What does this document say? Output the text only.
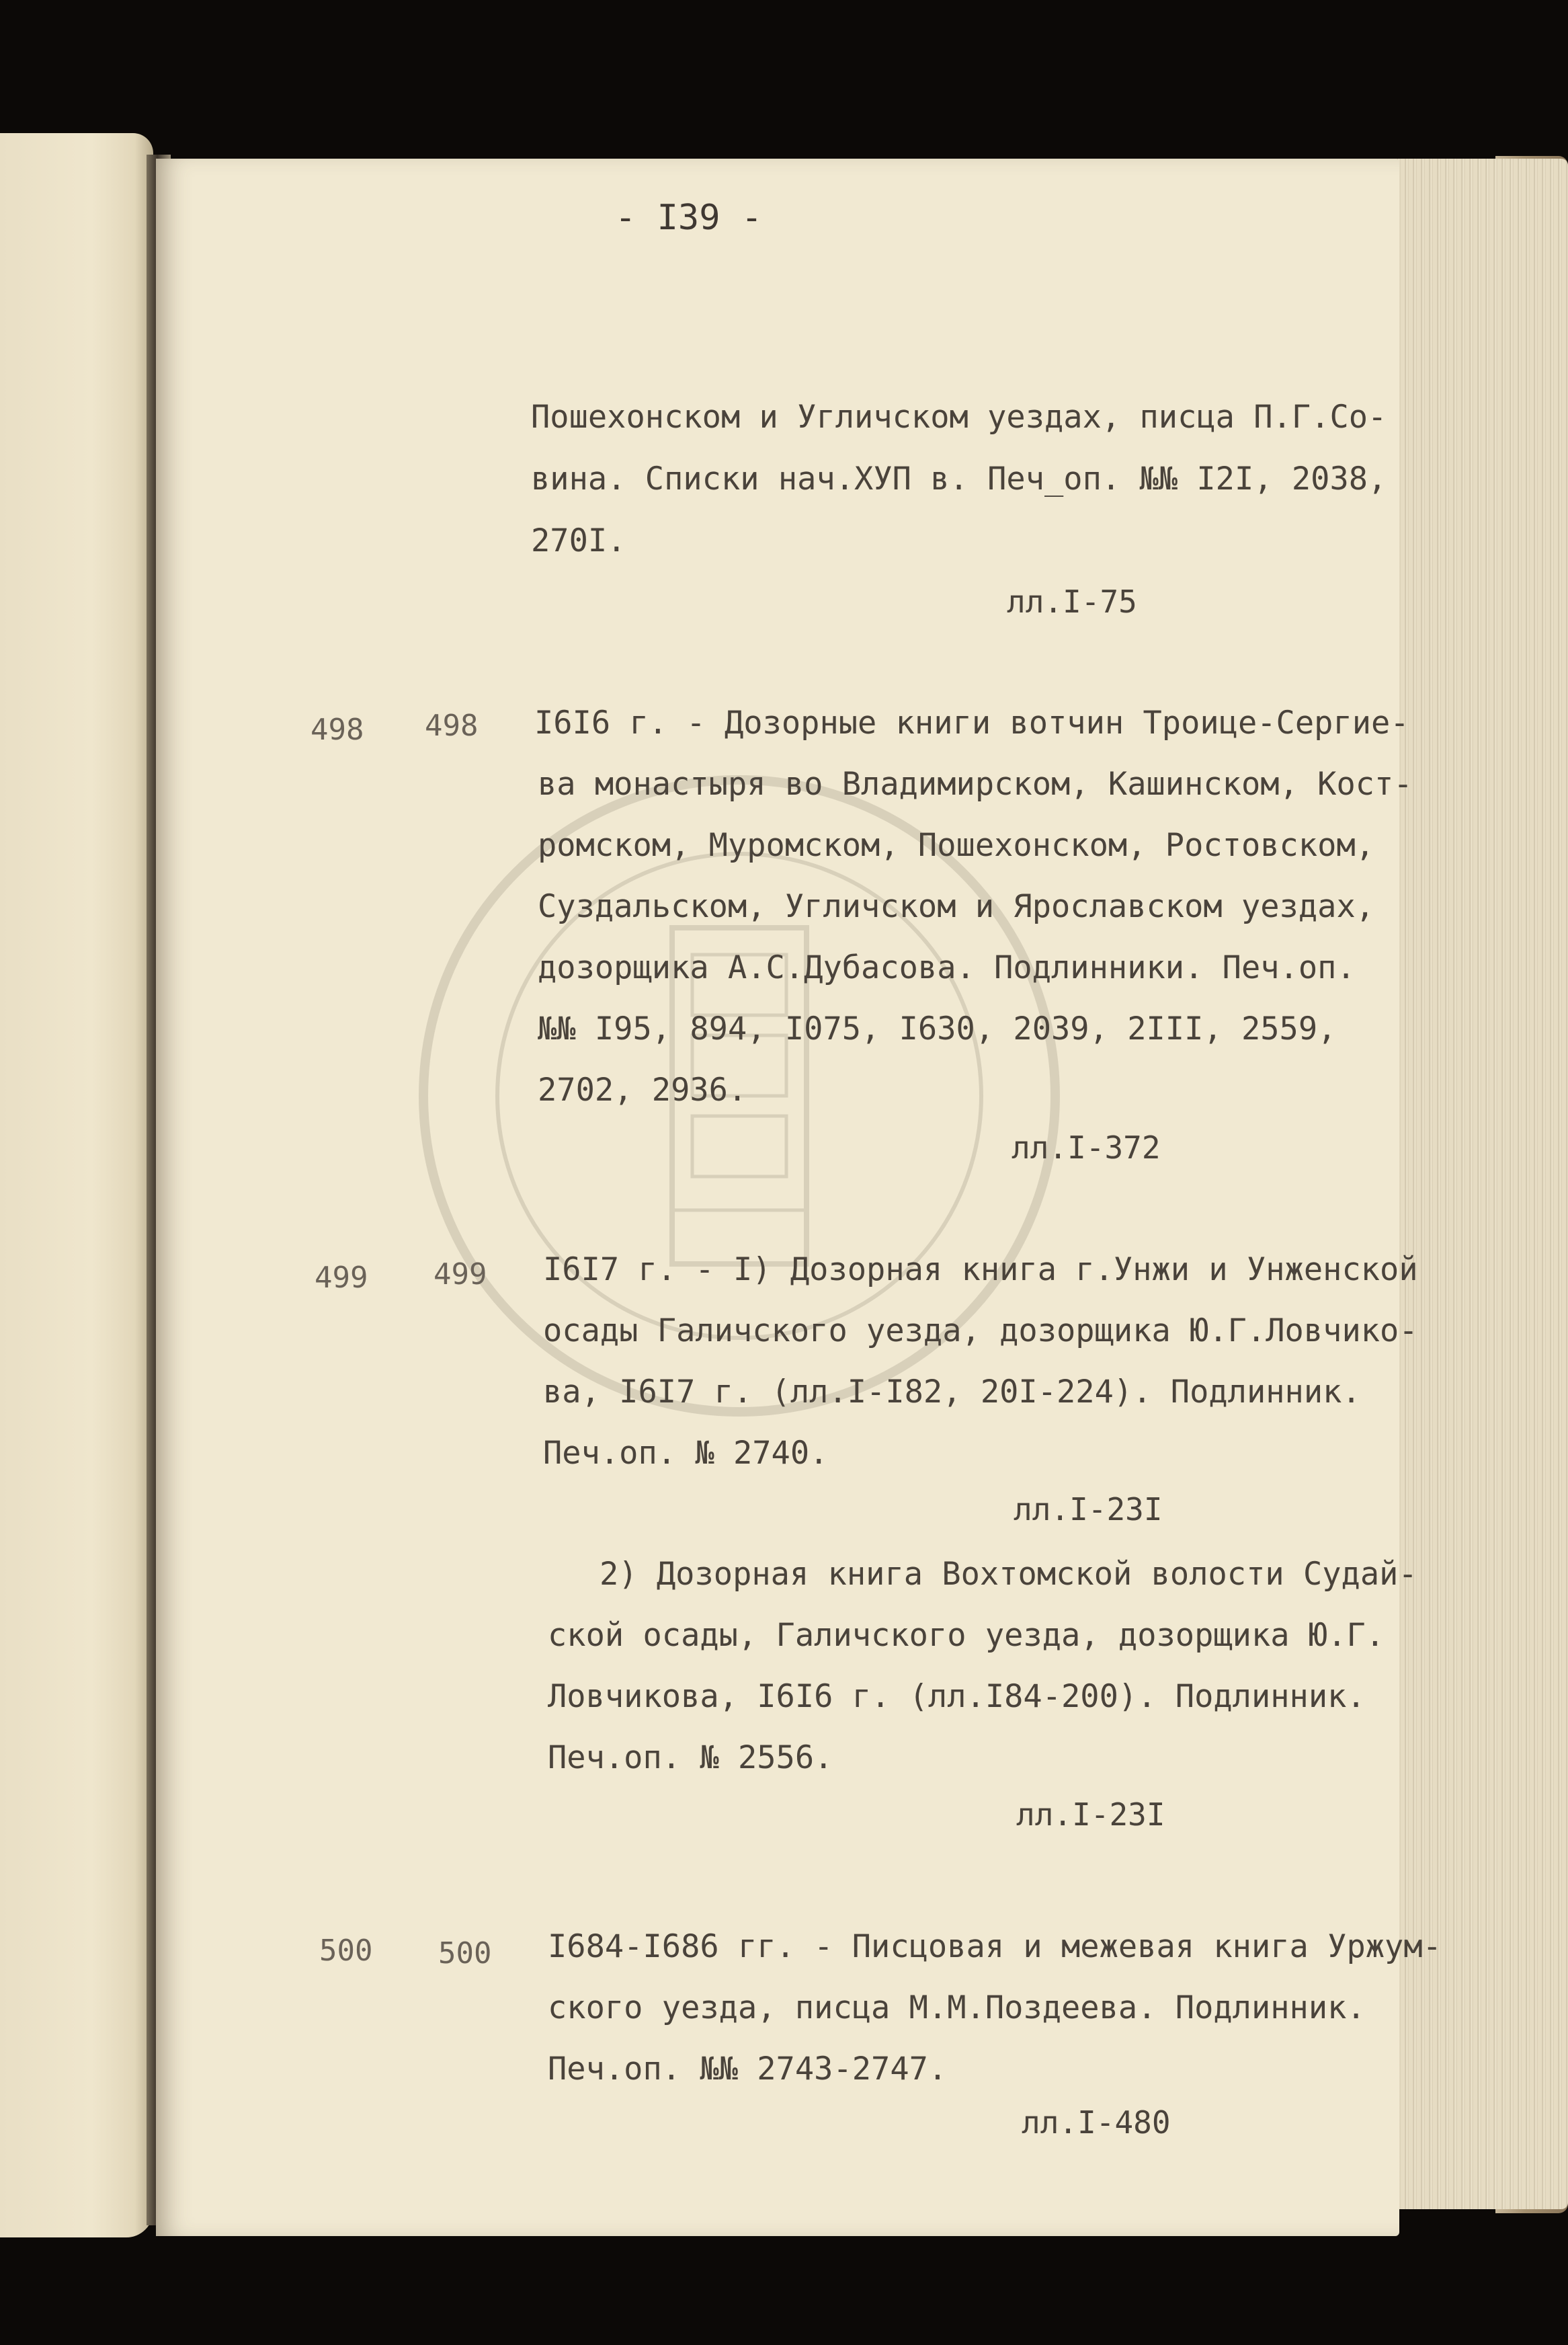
- I39 -
Пошехонском и Угличском уездах, писца П.Г.Со-
вина. Списки нач.ХУП в. Печ_оп. №№ I2I, 2038,
270I.
лл.I-75
498 498 I6I6 г. - Дозорные книги вотчин Троице-Сергие-
ва монастыря во Владимирском, Кашинском, Кост-
ромском, Муромском, Пошехонском, Ростовском,
Суздальском, Угличском и Ярославском уездах,
дозорщика А.С.Дубасова. Подлинники. Печ.оп.
№№ I95, 894, I075, I630, 2039, 2III, 2559,
2702, 2936.
лл.I-372
499 499 I6I7 г. - I) Дозорная книга г.Унжи и Унженской
осады Галичского уезда, дозорщика Ю.Г.Ловчико-
ва, I6I7 г. (лл.I-I82, 20I-224). Подлинник.
Печ.оп. № 2740.
лл.I-23I
2) Дозорная книга Вохтомской волости Судай-
ской осады, Галичского уезда, дозорщика Ю.Г.
Ловчикова, I6I6 г. (лл.I84-200). Подлинник.
Печ.оп. № 2556.
лл.I-23I
500 500 I684-I686 гг. - Писцовая и межевая книга Уржум-
ского уезда, писца М.М.Поздеева. Подлинник.
Печ.оп. №№ 2743-2747.
лл.I-480
